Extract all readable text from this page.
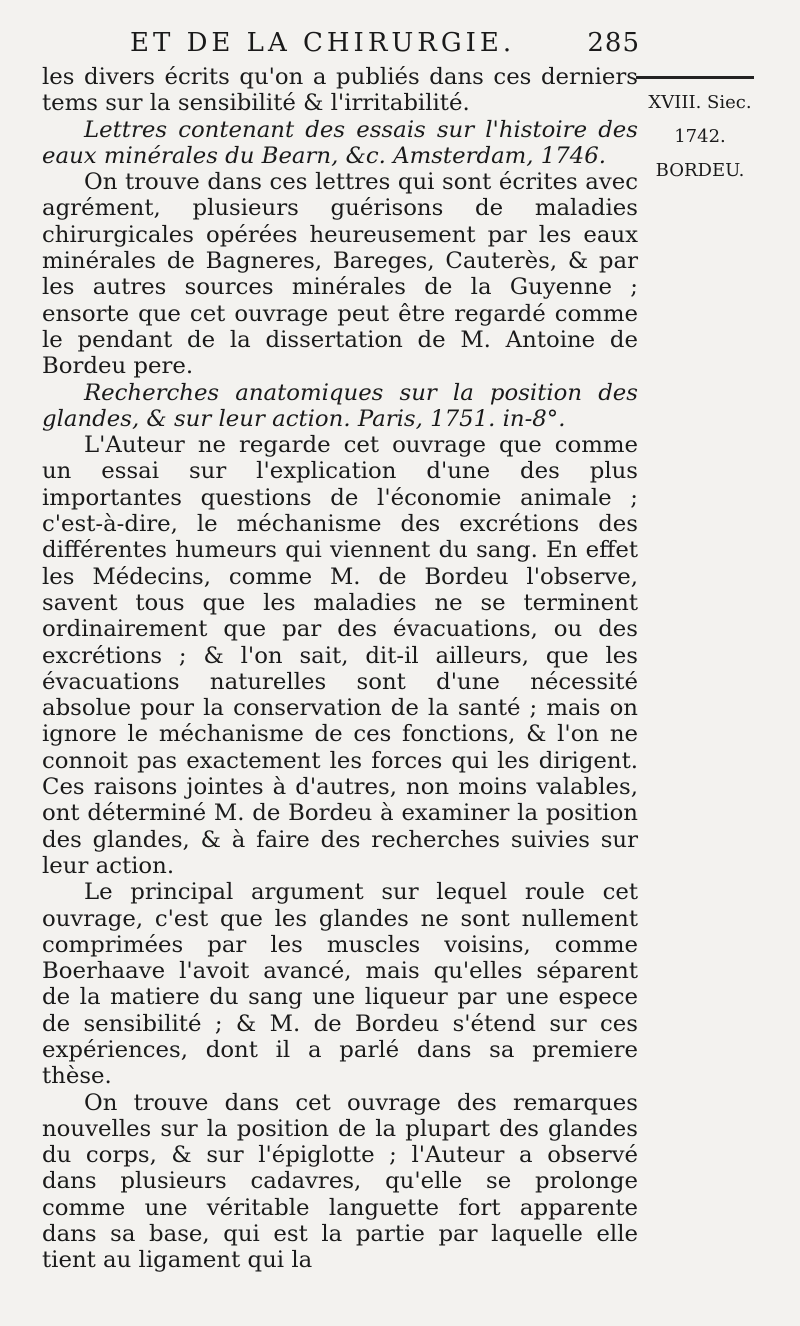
ET DE LA CHIRURGIE.	285
XVIII. Siec.
1742.
BORDEU.

les divers écrits qu'on a publiés dans ces derniers tems sur la sensibilité & l'irritabilité.

Lettres contenant des essais sur l'histoire des eaux minérales du Bearn, &c. Amsterdam, 1746.

On trouve dans ces lettres qui sont écrites avec agrément, plusieurs guérisons de maladies chirurgicales opérées heureusement par les eaux minérales de Bagneres, Bareges, Cauterès, & par les autres sources minérales de la Guyenne ; ensorte que cet ouvrage peut être regardé comme le pendant de la dissertation de M. Antoine de Bordeu pere.

Recherches anatomiques sur la position des glandes, & sur leur action. Paris, 1751. in-8°.

L'Auteur ne regarde cet ouvrage que comme un essai sur l'explication d'une des plus importantes questions de l'économie animale ; c'est-à-dire, le méchanisme des excrétions des différentes humeurs qui viennent du sang. En effet les Médecins, comme M. de Bordeu l'observe, savent tous que les maladies ne se terminent ordinairement que par des évacuations, ou des excrétions ; & l'on sait, dit-il ailleurs, que les évacuations naturelles sont d'une nécessité absolue pour la conservation de la santé ; mais on ignore le méchanisme de ces fonctions, & l'on ne connoit pas exactement les forces qui les dirigent. Ces raisons jointes à d'autres, non moins valables, ont déterminé M. de Bordeu à examiner la position des glandes, & à faire des recherches suivies sur leur action.

Le principal argument sur lequel roule cet ouvrage, c'est que les glandes ne sont nullement comprimées par les muscles voisins, comme Boerhaave l'avoit avancé, mais qu'elles séparent de la matiere du sang une liqueur par une espece de sensibilité ; & M. de Bordeu s'étend sur ces expériences, dont il a parlé dans sa premiere thèse.

On trouve dans cet ouvrage des remarques nouvelles sur la position de la plupart des glandes du corps, & sur l'épiglotte ; l'Auteur a observé dans plusieurs cadavres, qu'elle se prolonge comme une véritable languette fort apparente dans sa base, qui est la partie par laquelle elle tient au ligament qui la
